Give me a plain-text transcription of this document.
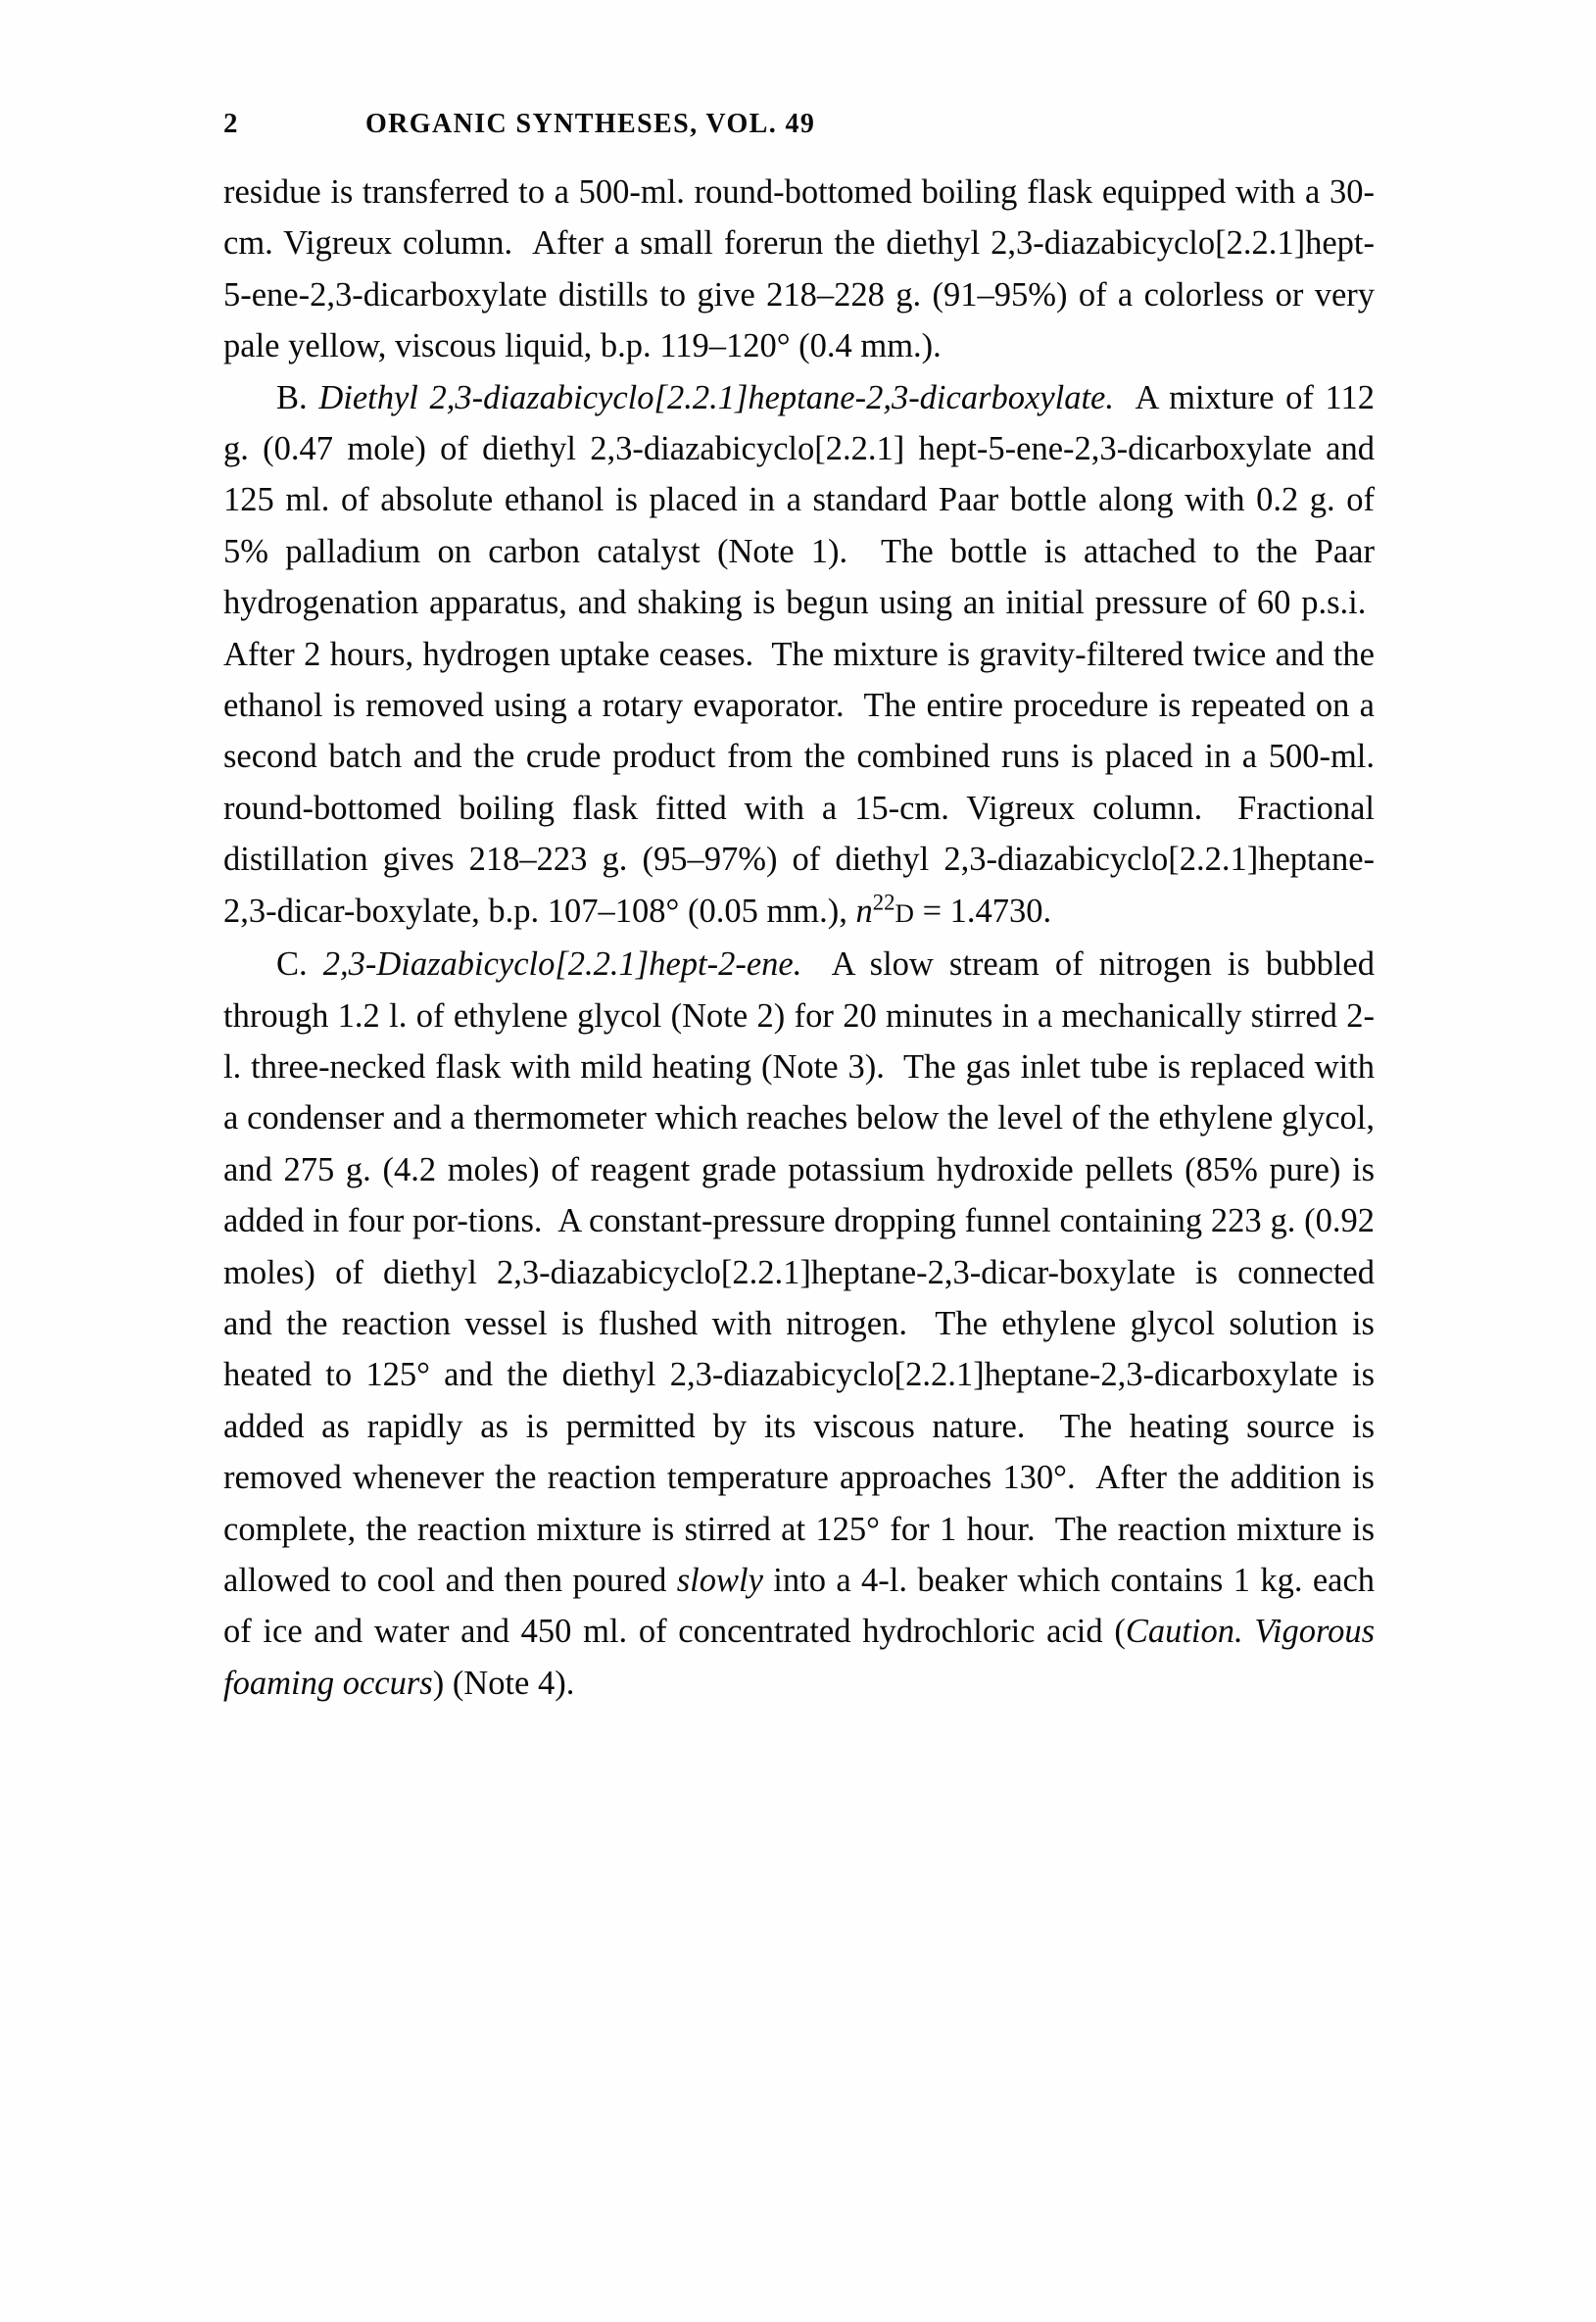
2	ORGANIC SYNTHESES, VOL. 49

residue is transferred to a 500-ml. round-bottomed boiling flask equipped with a 30-cm. Vigreux column. After a small forerun the diethyl 2,3-diazabicyclo[2.2.1]hept-5-ene-2,3-dicarboxylate distills to give 218–228 g. (91–95%) of a colorless or very pale yellow, viscous liquid, b.p. 119–120° (0.4 mm.).

B. Diethyl 2,3-diazabicyclo[2.2.1]heptane-2,3-dicarboxylate. A mixture of 112 g. (0.47 mole) of diethyl 2,3-diazabicyclo[2.2.1] hept-5-ene-2,3-dicarboxylate and 125 ml. of absolute ethanol is placed in a standard Paar bottle along with 0.2 g. of 5% palladium on carbon catalyst (Note 1). The bottle is attached to the Paar hydrogenation apparatus, and shaking is begun using an initial pressure of 60 p.s.i.  After 2 hours, hydrogen uptake ceases. The mixture is gravity-filtered twice and the ethanol is removed using a rotary evaporator. The entire procedure is repeated on a second batch and the crude product from the combined runs is placed in a 500-ml. round-bottomed boiling flask fitted with a 15-cm. Vigreux column. Fractional distillation gives 218–223 g. (95–97%) of diethyl 2,3-diazabicyclo[2.2.1]heptane-2,3-dicar-boxylate, b.p. 107–108° (0.05 mm.), $n^{22}D = 1.4730$.

C. 2,3-Diazabicyclo[2.2.1]hept-2-ene. A slow stream of nitrogen is bubbled through 1.2 l. of ethylene glycol (Note 2) for 20 minutes in a mechanically stirred 2-l. three-necked flask with mild heating (Note 3). The gas inlet tube is replaced with a condenser and a thermometer which reaches below the level of the ethylene glycol, and 275 g. (4.2 moles) of reagent grade potassium hydroxide pellets (85% pure) is added in four por-tions. A constant-pressure dropping funnel containing 223 g. (0.92 moles) of diethyl 2,3-diazabicyclo[2.2.1]heptane-2,3-dicar-boxylate is connected and the reaction vessel is flushed with nitrogen. The ethylene glycol solution is heated to 125° and the diethyl 2,3-diazabicyclo[2.2.1]heptane-2,3-dicarboxylate is added as rapidly as is permitted by its viscous nature. The heating source is removed whenever the reaction temperature approaches 130°. After the addition is complete, the reaction mixture is stirred at 125° for 1 hour. The reaction mixture is allowed to cool and then poured slowly into a 4-l. beaker which contains 1 kg. each of ice and water and 450 ml. of concentrated hydrochloric acid (Caution. Vigorous foaming occurs) (Note 4).
